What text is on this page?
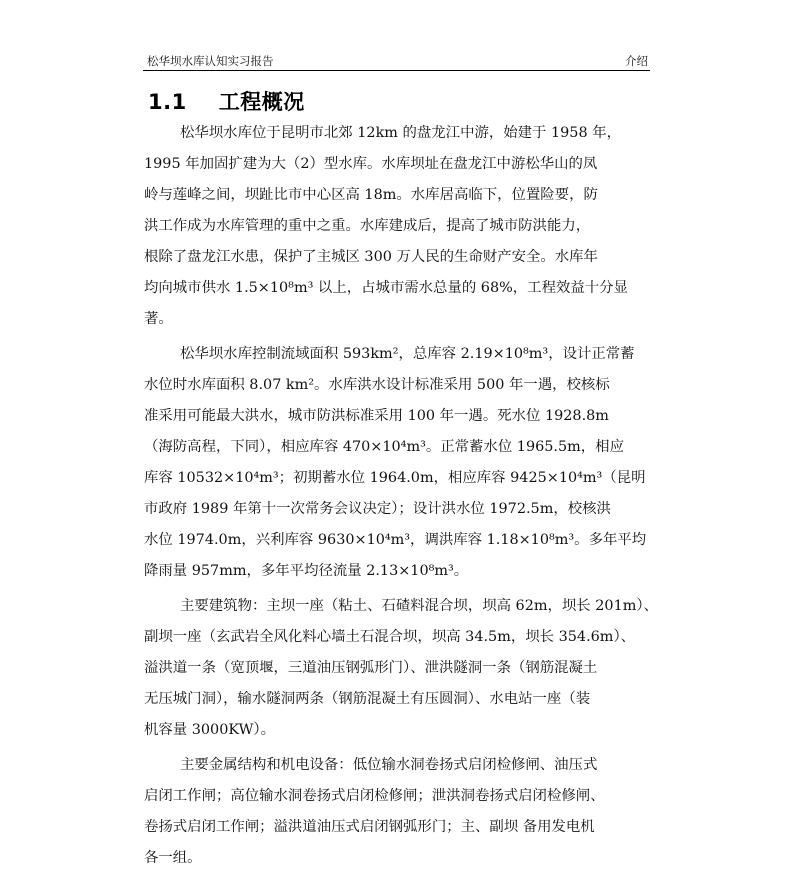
松华坝水库认知实习报告	介绍
1.1 工程概况
松华坝水库位于昆明市北郊 12km 的盘龙江中游，始建于 1958 年，
1995 年加固扩建为大（2）型水库。水库坝址在盘龙江中游松华山的凤
岭与莲峰之间，坝趾比市中心区高 18m。水库居高临下，位置险要，防
洪工作成为水库管理的重中之重。水库建成后，提高了城市防洪能力，
根除了盘龙江水患，保护了主城区 300 万人民的生命财产安全。水库年
均向城市供水 1.5×10⁸m³ 以上，占城市需水总量的 68%，工程效益十分显
著。
松华坝水库控制流域面积 593km²，总库容 2.19×10⁸m³，设计正常蓄
水位时水库面积 8.07 km²。水库洪水设计标准采用 500 年一遇，校核标
准采用可能最大洪水，城市防洪标准采用 100 年一遇。死水位 1928.8m
（海防高程，下同），相应库容 470×10⁴m³。正常蓄水位 1965.5m，相应
库容 10532×10⁴m³；初期蓄水位 1964.0m，相应库容 9425×10⁴m³（昆明
市政府 1989 年第十一次常务会议决定）；设计洪水位 1972.5m，校核洪
水位 1974.0m，兴利库容 9630×10⁴m³，调洪库容 1.18×10⁸m³。多年平均
降雨量 957mm，多年平均径流量 2.13×10⁸m³。
主要建筑物：主坝一座（粘土、石碴料混合坝，坝高 62m，坝长 201m）、
副坝一座（玄武岩全风化料心墙土石混合坝，坝高 34.5m，坝长 354.6m）、
溢洪道一条（宽顶堰，三道油压钢弧形门）、泄洪隧洞一条（钢筋混凝土
无压城门洞），输水隧洞两条（钢筋混凝土有压圆洞）、水电站一座（装
机容量 3000KW）。
主要金属结构和机电设备：低位输水洞卷扬式启闭检修闸、油压式
启闭工作闸；高位输水洞卷扬式启闭检修闸；泄洪洞卷扬式启闭检修闸、
卷扬式启闭工作闸；溢洪道油压式启闭钢弧形门；主、副坝 备用发电机
各一组。
